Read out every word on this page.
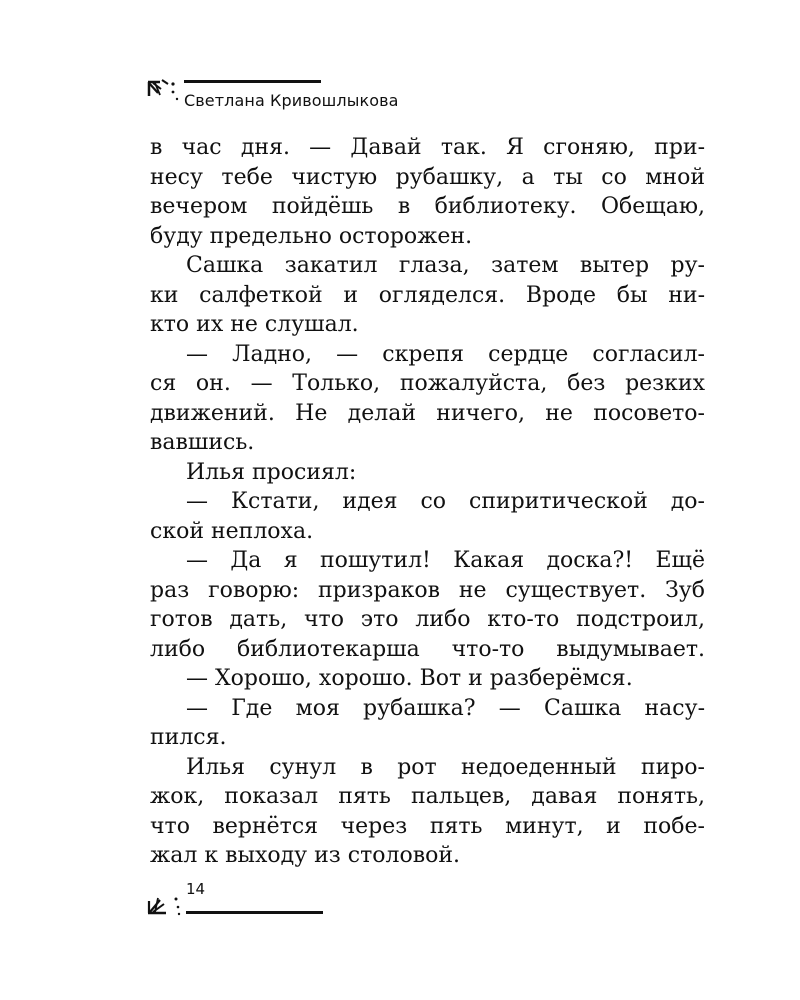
Светлана Кривошлыкова
в час дня. — Давай так. Я сгоняю, при-
несу тебе чистую рубашку, а ты со мной
вечером пойдёшь в библиотеку. Обещаю,
буду предельно осторожен.
Сашка закатил глаза, затем вытер ру-
ки салфеткой и огляделся. Вроде бы ни-
кто их не слушал.
— Ладно, — скрепя сердце согласил-
ся он. — Только, пожалуйста, без резких
движений. Не делай ничего, не посовето-
вавшись.
Илья просиял:
— Кстати, идея со спиритической до-
ской неплоха.
— Да я пошутил! Какая доска?! Ещё
раз говорю: призраков не существует. Зуб
готов дать, что это либо кто-то подстроил,
либо библиотекарша что-то выдумывает.
— Хорошо, хорошо. Вот и разберёмся.
— Где моя рубашка? — Сашка насу-
пился.
Илья сунул в рот недоеденный пиро-
жок, показал пять пальцев, давая понять,
что вернётся через пять минут, и побе-
жал к выходу из столовой.
14
